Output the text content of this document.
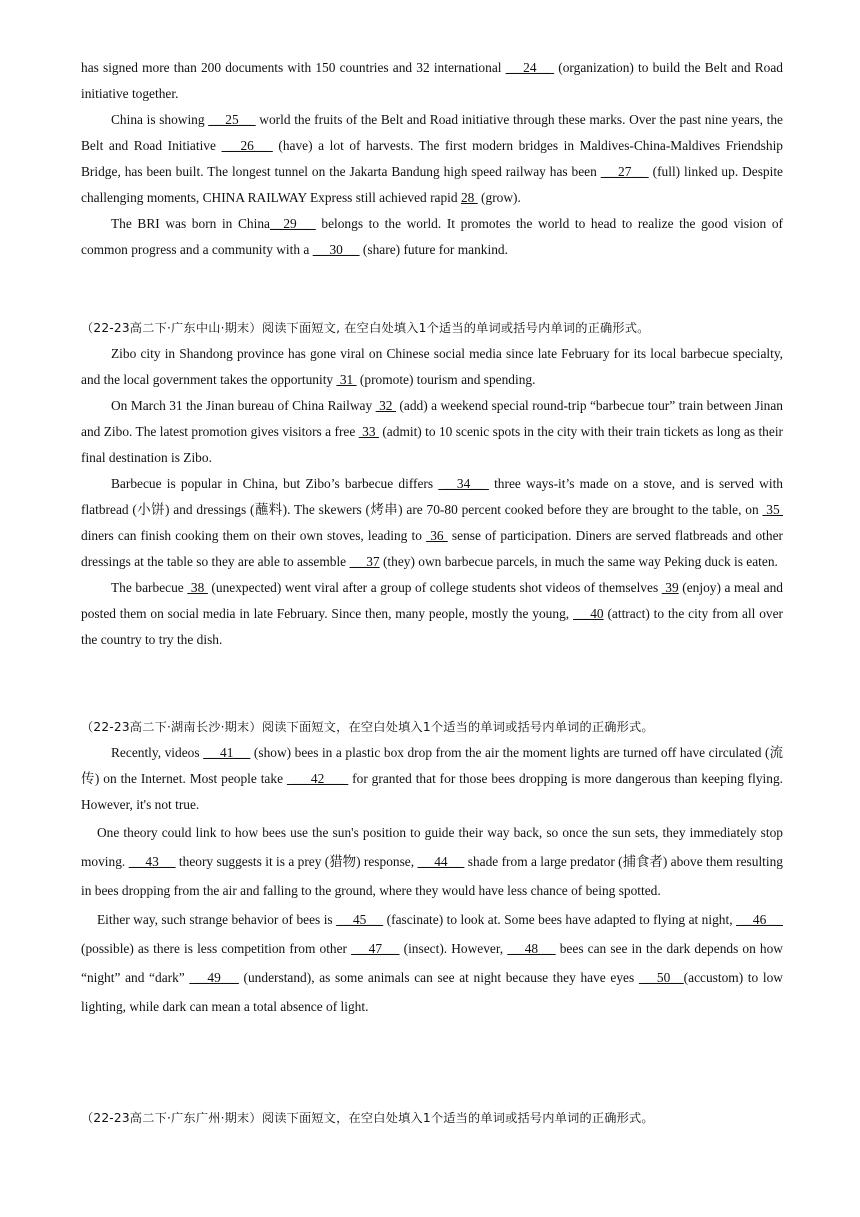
has signed more than 200 documents with 150 countries and 32 international  __24__  (organization) to build the Belt and Road initiative together.

China is showing  __25__  world the fruits of the Belt and Road initiative through these marks. Over the past nine years, the Belt and Road Initiative  __26__  (have) a lot of harvests. The first modern bridges in Maldives-China-Maldives Friendship Bridge, has been built. The longest tunnel on the Jakarta Bandung high speed railway has been  __27__  (full) linked up. Despite challenging moments, CHINA RAILWAY Express still achieved rapid 28  (grow).

The BRI was born in China__29__  belongs to the world. It promotes the world to head to realize the good vision of common progress and a community with a  __30__  (share) future for mankind.

（22-23高二下·广东中山·期末）阅读下面短文, 在空白处填入1个适当的单词或括号内单词的正确形式。

Zibo city in Shandong province has gone viral on Chinese social media since late February for its local barbecue specialty, and the local government takes the opportunity  31  (promote) tourism and spending.

On March 31 the Jinan bureau of China Railway  32  (add) a weekend special round-trip “barbecue tour” train between Jinan and Zibo. The latest promotion gives visitors a free  33  (admit) to 10 scenic spots in the city with their train tickets as long as their final destination is Zibo.

Barbecue is popular in China, but Zibo’s barbecue differs  __34__  three ways-it’s made on a stove, and is served with flatbread (小饼) and dressings (蘸料). The skewers (烤串) are 70-80 percent cooked before they are brought to the table, on  35  diners can finish cooking them on their own stoves, leading to  36  sense of participation. Diners are served flatbreads and other dressings at the table so they are able to assemble  __37 (they) own barbecue parcels, in much the same way Peking duck is eaten.

The barbecue  38  (unexpected) went viral after a group of college students shot videos of themselves  39 (enjoy) a meal and posted them on social media in late February. Since then, many people, mostly the young,  __40 (attract) to the city from all over the country to try the dish.

（22-23高二下·湖南长沙·期末）阅读下面短文，在空白处填入1个适当的单词或括号内单词的正确形式。

Recently, videos  __41__  (show) bees in a plastic box drop from the air the moment lights are turned off have circulated (流传) on the Internet. Most people take  ___42___  for granted that for those bees dropping is more dangerous than keeping flying. However, it's not true.

One theory could link to how bees use the sun's position to guide their way back, so once the sun sets, they immediately stop moving.  __43__  theory suggests it is a prey (猎物) response,  __44__  shade from a large predator (捕食者) above them resulting in bees dropping from the air and falling to the ground, where they would have less chance of being spotted.

Either way, such strange behavior of bees is  __45__  (fascinate) to look at. Some bees have adapted to flying at night,  __46__  (possible) as there is less competition from other  __47__  (insect). However,  __48__  bees can see in the dark depends on how “night” and “dark”  __49__  (understand), as some animals can see at night because they have eyes  __50__(accustom) to low lighting, while dark can mean a total absence of light.

（22-23高二下·广东广州·期末）阅读下面短文，在空白处填入1个适当的单词或括号内单词的正确形式。
